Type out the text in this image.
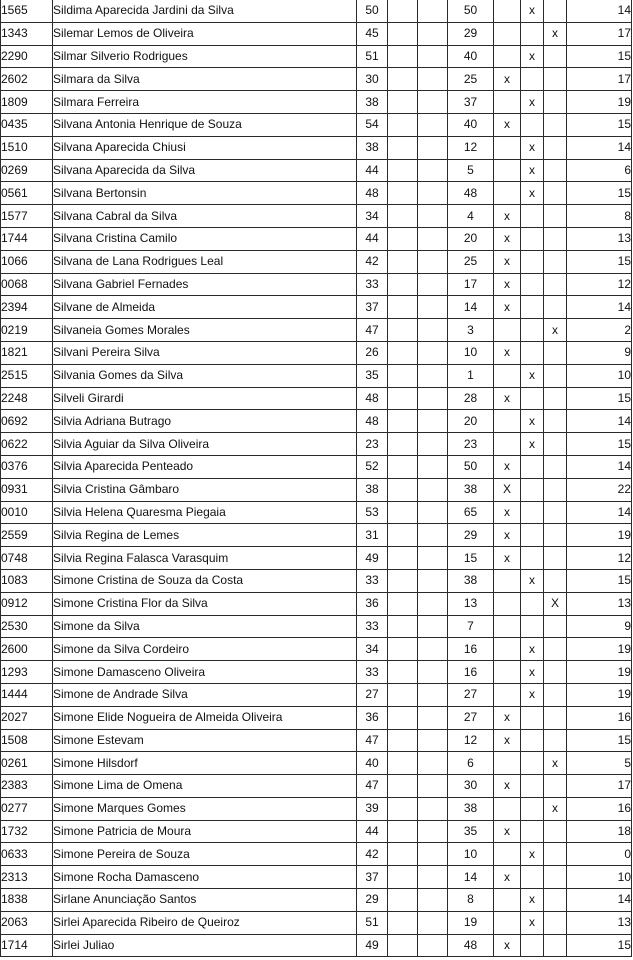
1565	Sildima Aparecida Jardini da Silva	50			50		x		14
1343	Silemar Lemos de Oliveira	45			29			x	17
2290	Silmar Silverio Rodrigues	51			40		x		15
2602	Silmara da Silva	30			25	x			17
1809	Silmara Ferreira	38			37		x		19
0435	Silvana Antonia Henrique de Souza	54			40	x			15
1510	Silvana Aparecida Chiusi	38			12		x		14
0269	Silvana Aparecida da Silva	44			5		x		6
0561	Silvana Bertonsin	48			48		x		15
1577	Silvana Cabral da Silva	34			4	x			8
1744	Silvana Cristina Camilo	44			20	x			13
1066	Silvana de Lana Rodrigues Leal	42			25	x			15
0068	Silvana Gabriel Fernades	33			17	x			12
2394	Silvane de Almeida	37			14	x			14
0219	Silvaneia Gomes Morales	47			3			x	2
1821	Silvani Pereira Silva	26			10	x			9
2515	Silvania Gomes da Silva	35			1		x		10
2248	Silveli Girardi	48			28	x			15
0692	Silvia Adriana Butrago	48			20		x		14
0622	Silvia Aguiar da Silva Oliveira	23			23		x		15
0376	Silvia Aparecida Penteado	52			50	x			14
0931	Silvia Cristina Gâmbaro	38			38	X			22
0010	Silvia Helena Quaresma Piegaia	53			65	x			14
2559	Silvia Regina de Lemes	31			29	x			19
0748	Silvia Regina Falasca Varasquim	49			15	x			12
1083	Simone Cristina de Souza da Costa	33			38		x		15
0912	Simone Cristina Flor da Silva	36			13			X	13
2530	Simone da Silva	33			7				9
2600	Simone da Silva Cordeiro	34			16		x		19
1293	Simone Damasceno Oliveira	33			16		x		19
1444	Simone de Andrade Silva	27			27		x		19
2027	Simone Elide Nogueira de Almeida Oliveira	36			27	x			16
1508	Simone Estevam	47			12	x			15
0261	Simone Hilsdorf	40			6			x	5
2383	Simone Lima de Omena	47			30	x			17
0277	Simone Marques Gomes	39			38			x	16
1732	Simone Patricia de Moura	44			35	x			18
0633	Simone Pereira de Souza	42			10		x		0
2313	Simone Rocha Damasceno	37			14	x			10
1838	Sirlane Anunciação Santos	29			8		x		14
2063	Sirlei Aparecida Ribeiro de Queiroz	51			19		x		13
1714	Sirlei Juliao	49			48	x			15
